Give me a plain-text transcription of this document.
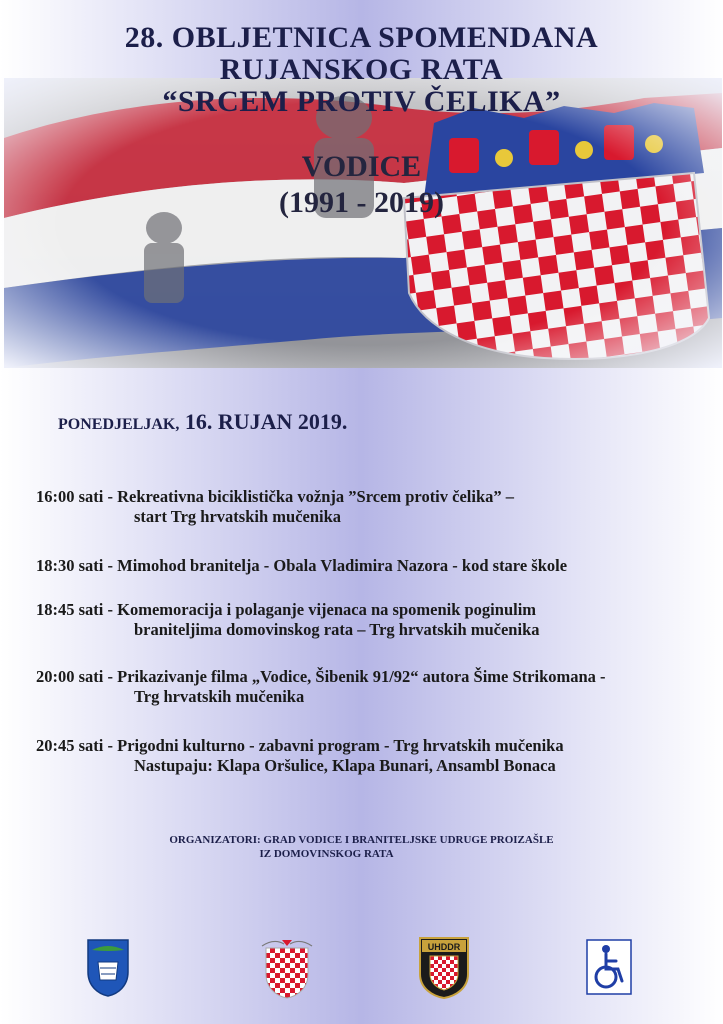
28. OBLJETNICA SPOMENDANA
RUJANSKOG RATA
“SRCEM PROTIV ČELIKA”
VODICE
(1991 - 2019)
PONEDJELJAK, 16. RUJAN 2019.
16:00 sati - Rekreativna biciklistička vožnja ”Srcem protiv čelika” –
start Trg hrvatskih mučenika
18:30 sati - Mimohod branitelja - Obala Vladimira Nazora - kod stare škole
18:45 sati - Komemoracija i polaganje vijenaca na spomenik poginulim
braniteljima domovinskog rata – Trg hrvatskih mučenika
20:00 sati - Prikazivanje filma „Vodice, Šibenik 91/92“ autora Šime Strikomana -
Trg hrvatskih mučenika
20:45 sati - Prigodni kulturno - zabavni program - Trg hrvatskih mučenika
Nastupaju: Klapa Oršulice, Klapa Bunari, Ansambl Bonaca
ORGANIZATORI: GRAD VODICE I BRANITELJSKE UDRUGE PROIZAŠLE
IZ DOMOVINSKOG RATA
UHDDR
